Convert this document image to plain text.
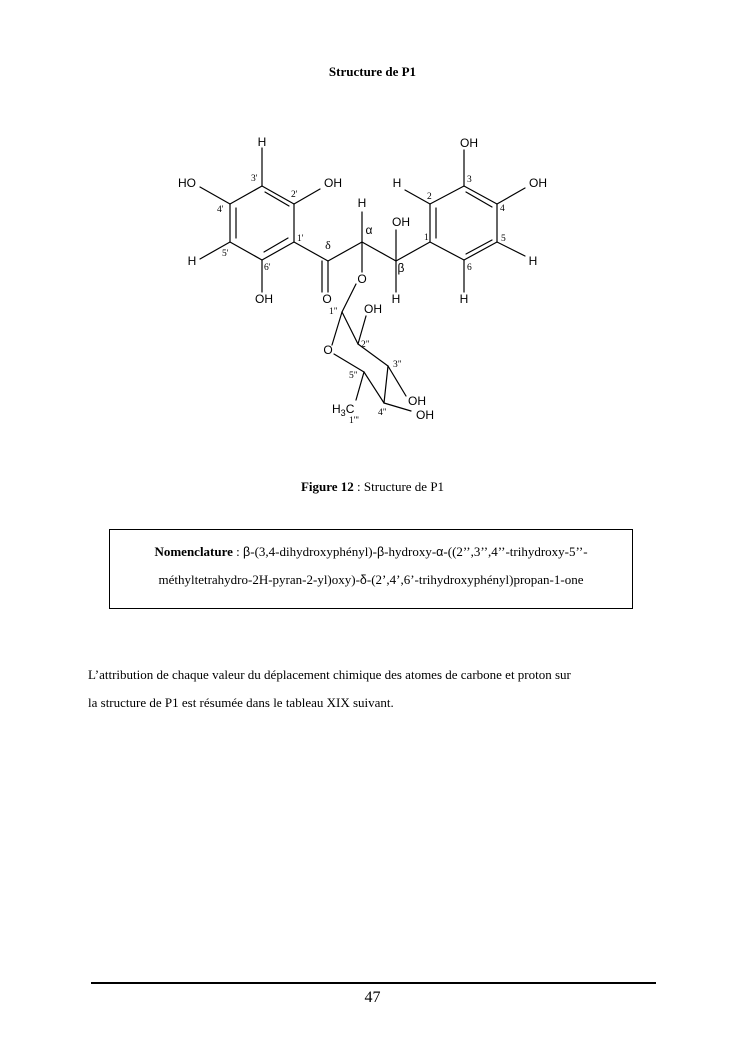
Structure de P1
H
OH
HO
H
OH	O
H
O
OH
H
H
OH
OH
H
H
OH
O
OH
OH
$H_3C$
α
β
δ
3'
2'
4'
1'
5'
6'
2
3
4
1	5
6
1"
2"
3"
5"
4"
1'''
Figure 12 : Structure de P1
Nomenclature : β-(3,4-dihydroxyphényl)-β-hydroxy-α-((2’’,3’’,4’’-trihydroxy-5’’-
méthyltetrahydro-2H-pyran-2-yl)oxy)-δ-(2’,4’,6’-trihydroxyphényl)propan-1-one
L’attribution de chaque valeur du déplacement chimique des atomes de carbone et proton sur
la structure de P1 est résumée dans le tableau XIX suivant.
47
